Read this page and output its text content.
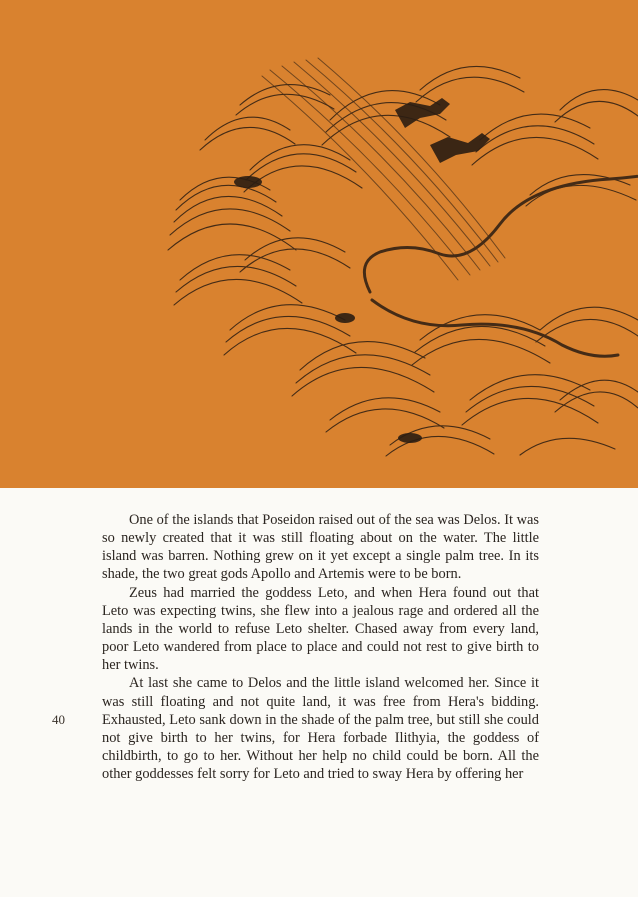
40

One of the islands that Poseidon raised out of the sea was Delos. It was so newly created that it was still floating about on the water. The little island was barren. Nothing grew on it yet except a single palm tree. In its shade, the two great gods Apollo and Artemis were to be born.

Zeus had married the goddess Leto, and when Hera found out that Leto was expecting twins, she flew into a jealous rage and ordered all the lands in the world to refuse Leto shelter. Chased away from every land, poor Leto wandered from place to place and could not rest to give birth to her twins.

At last she came to Delos and the little island welcomed her. Since it was still floating and not quite land, it was free from Hera's bidding. Exhausted, Leto sank down in the shade of the palm tree, but still she could not give birth to her twins, for Hera forbade Ilithyia, the goddess of childbirth, to go to her. Without her help no child could be born. All the other goddesses felt sorry for Leto and tried to sway Hera by offering her
